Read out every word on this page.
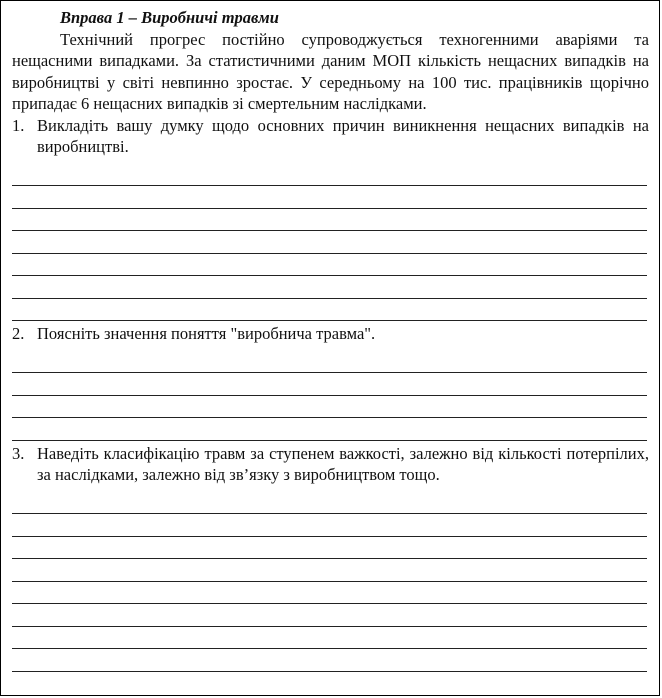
Вправа 1 – Виробничі травми
Технічний прогрес постійно супроводжується техногенними аваріями та нещасними випадками. За статистичними даним МОП кількість нещасних випадків на виробництві у світі невпинно зростає. У середньому на 100 тис. працівників щорічно припадає 6 нещасних випадків зі смертельним наслідками.
1. Викладіть вашу думку щодо основних причин виникнення нещасних випадків на виробництві.
2. Поясніть значення поняття "виробнича травма".
3. Наведіть класифікацію травм за ступенем важкості, залежно від кількості потерпілих, за наслідками, залежно від зв’язку з виробництвом тощо.
